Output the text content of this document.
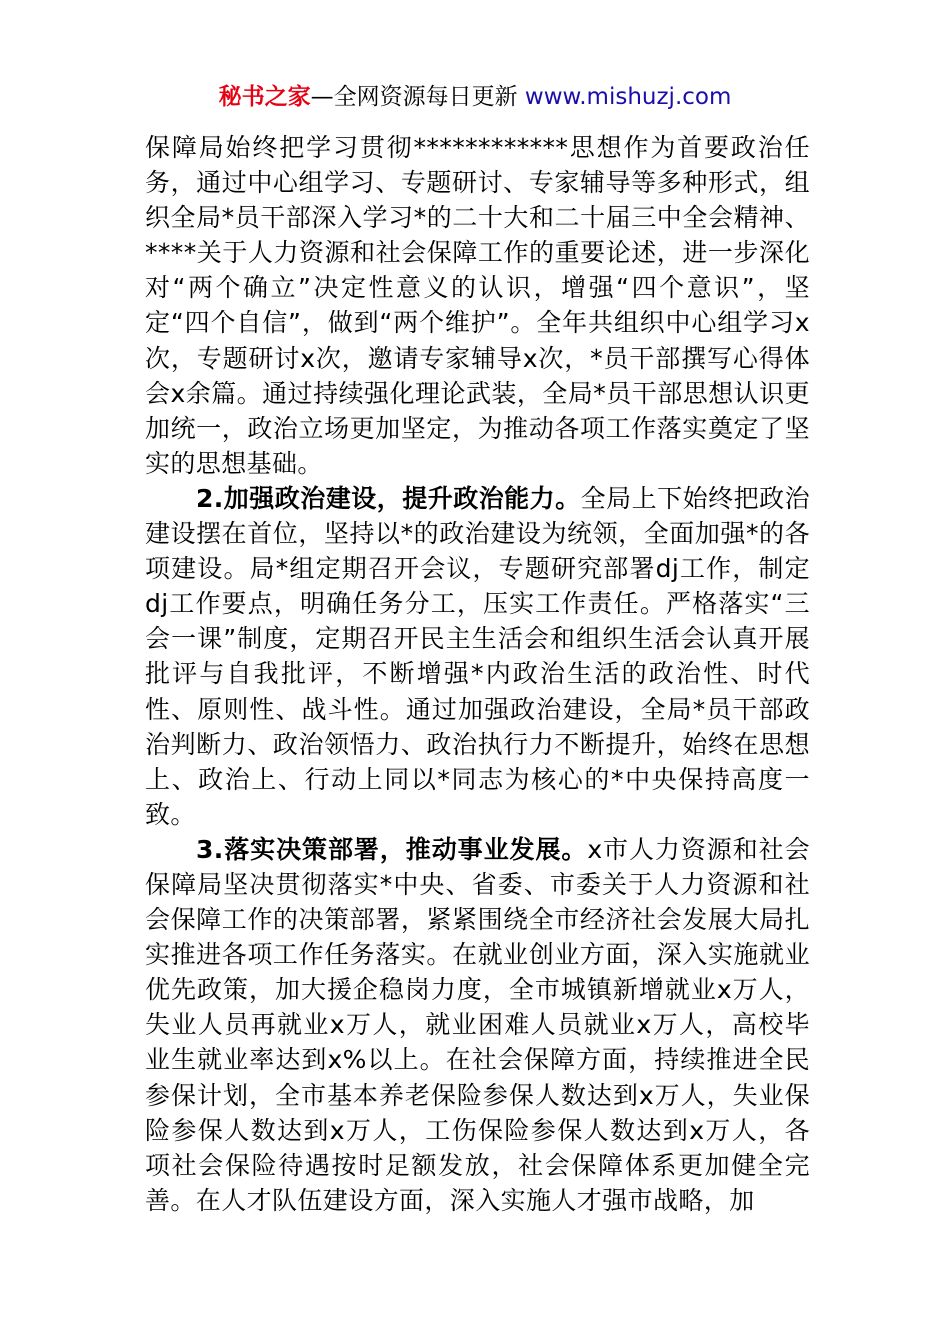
秘书之家—全网资源每日更新 www.mishuzj.com

保障局始终把学习贯彻************思想作为首要政治任务，通过中心组学习、专题研讨、专家辅导等多种形式，组织全局*员干部深入学习*的二十大和二十届三中全会精神、****关于人力资源和社会保障工作的重要论述，进一步深化对“两个确立”决定性意义的认识，增强“四个意识”，坚定“四个自信”，做到“两个维护”。全年共组织中心组学习x次，专题研讨x次，邀请专家辅导x次，*员干部撰写心得体会x余篇。通过持续强化理论武装，全局*员干部思想认识更加统一，政治立场更加坚定，为推动各项工作落实奠定了坚实的思想基础。

2.加强政治建设，提升政治能力。全局上下始终把政治建设摆在首位，坚持以*的政治建设为统领，全面加强*的各项建设。局*组定期召开会议，专题研究部署dj工作，制定dj工作要点，明确任务分工，压实工作责任。严格落实“三会一课”制度，定期召开民主生活会和组织生活会认真开展批评与自我批评，不断增强*内政治生活的政治性、时代性、原则性、战斗性。通过加强政治建设，全局*员干部政治判断力、政治领悟力、政治执行力不断提升，始终在思想上、政治上、行动上同以*同志为核心的*中央保持高度一致。

3.落实决策部署，推动事业发展。x市人力资源和社会保障局坚决贯彻落实*中央、省委、市委关于人力资源和社会保障工作的决策部署，紧紧围绕全市经济社会发展大局扎实推进各项工作任务落实。在就业创业方面，深入实施就业优先政策，加大援企稳岗力度，全市城镇新增就业x万人，失业人员再就业x万人，就业困难人员就业x万人，高校毕业生就业率达到x%以上。在社会保障方面，持续推进全民参保计划，全市基本养老保险参保人数达到x万人，失业保险参保人数达到x万人，工伤保险参保人数达到x万人，各项社会保险待遇按时足额发放，社会保障体系更加健全完善。在人才队伍建设方面，深入实施人才强市战略，加
